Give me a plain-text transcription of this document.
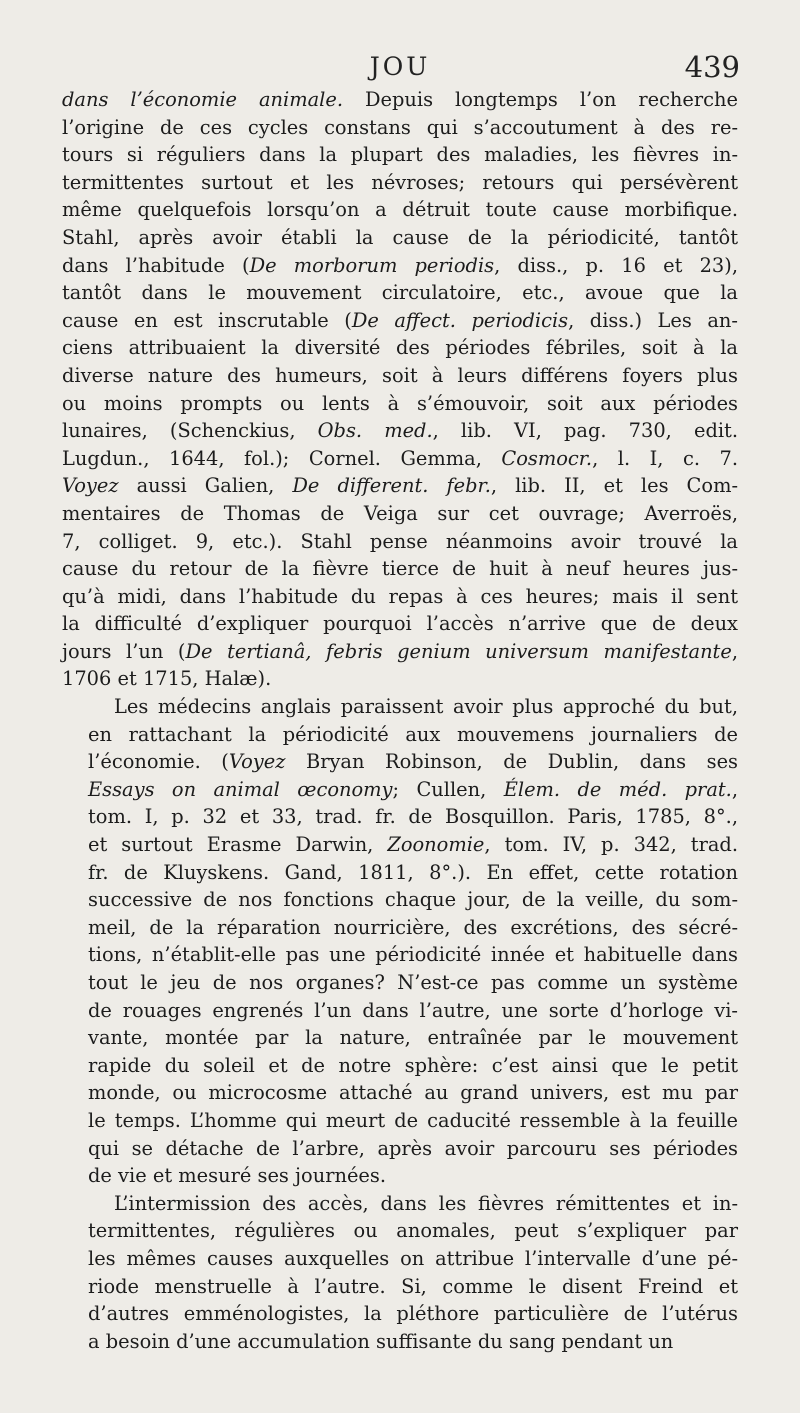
JOU	439

dans l’économie animale. Depuis longtemps l’on recherche
l’origine de ces cycles constans qui s’accoutument à des re-
tours si réguliers dans la plupart des maladies, les fièvres in-
termittentes surtout et les névroses; retours qui persévèrent
même quelquefois lorsqu’on a détruit toute cause morbifique.
Stahl, après avoir établi la cause de la périodicité, tantôt
dans l’habitude (De morborum periodis, diss., p. 16 et 23),
tantôt dans le mouvement circulatoire, etc., avoue que la
cause en est inscrutable (De affect. periodicis, diss.) Les an-
ciens attribuaient la diversité des périodes fébriles, soit à la
diverse nature des humeurs, soit à leurs différens foyers plus
ou moins prompts ou lents à s’émouvoir, soit aux périodes
lunaires, (Schenckius, Obs. med., lib. VI, pag. 730, edit.
Lugdun., 1644, fol.); Cornel. Gemma, Cosmocr., l. I, c. 7.
Voyez aussi Galien, De different. febr., lib. II, et les Com-
mentaires de Thomas de Veiga sur cet ouvrage; Averroës,
7, colliget. 9, etc.). Stahl pense néanmoins avoir trouvé la
cause du retour de la fièvre tierce de huit à neuf heures jus-
qu’à midi, dans l’habitude du repas à ces heures; mais il sent
la difficulté d’expliquer pourquoi l’accès n’arrive que de deux
jours l’un (De tertianâ, febris genium universum manifestante,
1706 et 1715, Halæ).

Les médecins anglais paraissent avoir plus approché du but,
en rattachant la périodicité aux mouvemens journaliers de
l’économie. (Voyez Bryan Robinson, de Dublin, dans ses
Essays on animal œconomy; Cullen, Élem. de méd. prat.,
tom. I, p. 32 et 33, trad. fr. de Bosquillon. Paris, 1785, 8°.,
et surtout Erasme Darwin, Zoonomie, tom. IV, p. 342, trad.
fr. de Kluyskens. Gand, 1811, 8°.). En effet, cette rotation
successive de nos fonctions chaque jour, de la veille, du som-
meil, de la réparation nourricière, des excrétions, des sécré-
tions, n’établit-elle pas une périodicité innée et habituelle dans
tout le jeu de nos organes? N’est-ce pas comme un système
de rouages engrenés l’un dans l’autre, une sorte d’horloge vi-
vante, montée par la nature, entraînée par le mouvement
rapide du soleil et de notre sphère: c’est ainsi que le petit
monde, ou microcosme attaché au grand univers, est mu par
le temps. L’homme qui meurt de caducité ressemble à la feuille
qui se détache de l’arbre, après avoir parcouru ses périodes
de vie et mesuré ses journées.

L’intermission des accès, dans les fièvres rémittentes et in-
termittentes, régulières ou anomales, peut s’expliquer par
les mêmes causes auxquelles on attribue l’intervalle d’une pé-
riode menstruelle à l’autre. Si, comme le disent Freind et
d’autres emménologistes, la pléthore particulière de l’utérus
a besoin d’une accumulation suffisante du sang pendant un
